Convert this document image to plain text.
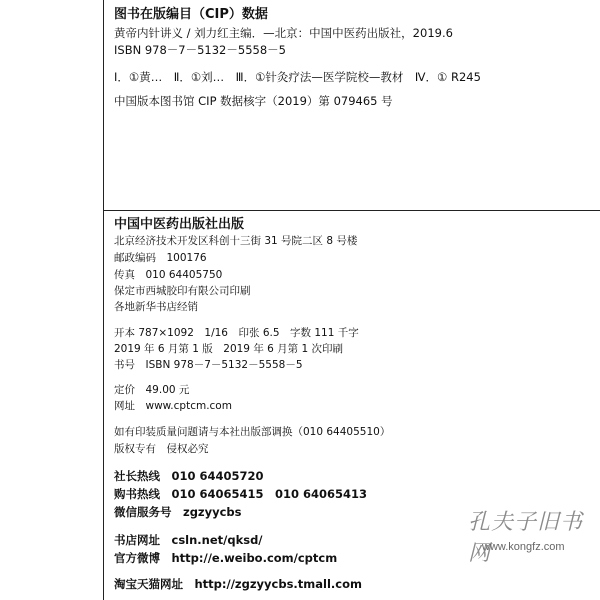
图书在版编目（CIP）数据
黄帝内针讲义 / 刘力红主编．—北京：中国中医药出版社，2019.6
ISBN 978－7－5132－5558－5
Ⅰ．①黄…　Ⅱ．①刘…　Ⅲ．①针灸疗法—医学院校—教材　Ⅳ．① R245
中国版本图书馆 CIP 数据核字（2019）第 079465 号
中国中医药出版社出版
北京经济技术开发区科创十三街 31 号院二区 8 号楼
邮政编码　100176
传真　010 64405750
保定市西城胶印有限公司印刷
各地新华书店经销
开本 787×1092　1/16　印张 6.5　字数 111 千字
2019 年 6 月第 1 版　2019 年 6 月第 1 次印刷
书号　ISBN 978－7－5132－5558－5
定价　49.00 元
网址　www.cptcm.com
如有印装质量问题请与本社出版部调换（010 64405510）
版权专有　侵权必究
社长热线　010 64405720
购书热线　010 64065415　010 64065413
微信服务号　zgzyycbs
书店网址　csln.net/qksd/
官方微博　http://e.weibo.com/cptcm
淘宝天猫网址　http://zgzyycbs.tmall.com
孔夫子旧书网
www.kongfz.com
